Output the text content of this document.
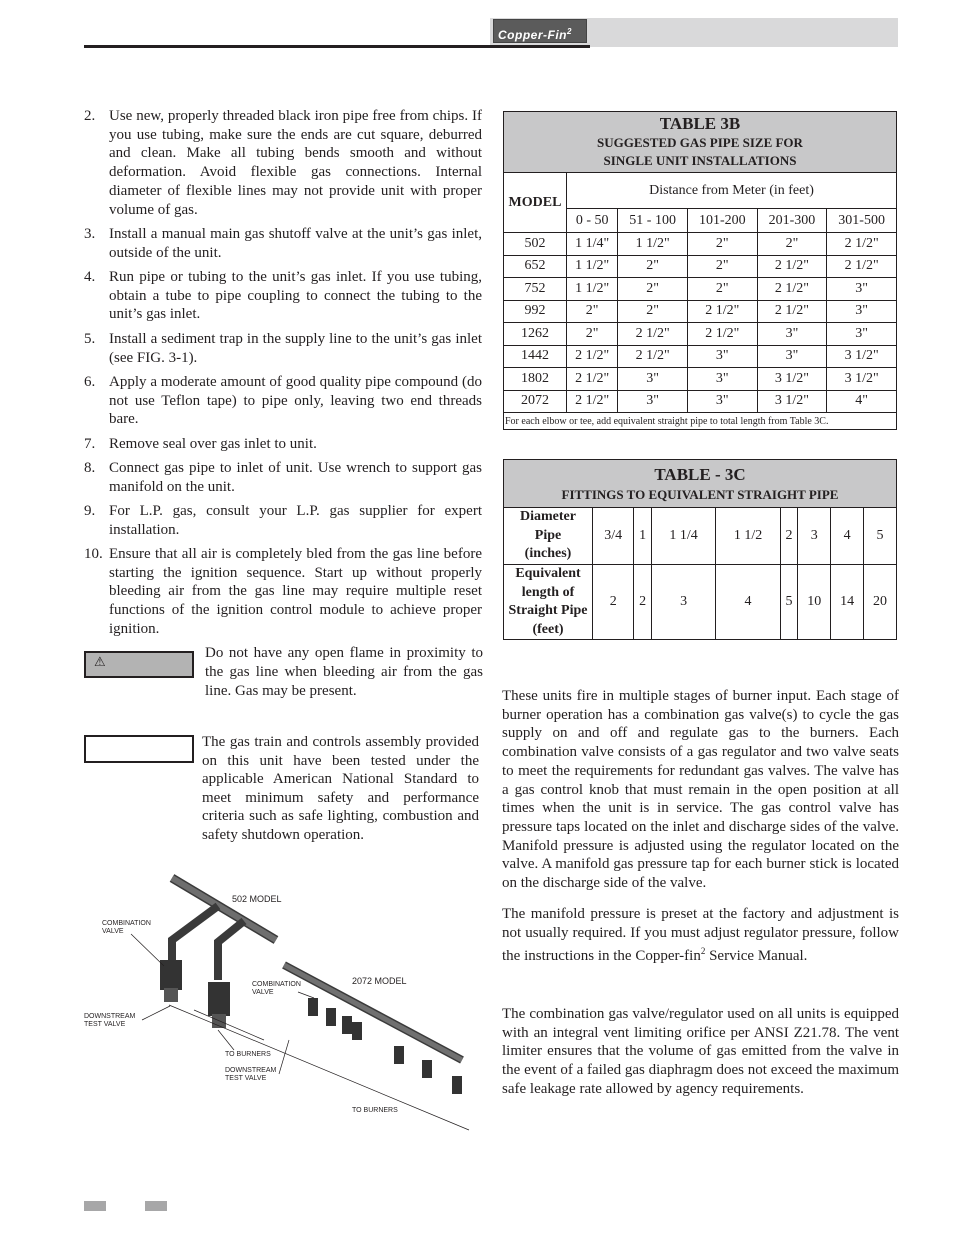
Copper-Fin$^2$
2. Use new, properly threaded black iron pipe free from chips. If you use tubing, make sure the ends are cut square, deburred and clean. Make all tubing bends smooth and without deformation. Avoid flexible gas connections. Internal diameter of flexible lines may not provide unit with proper volume of gas.
3. Install a manual main gas shutoff valve at the unit’s gas inlet, outside of the unit.
4. Run pipe or tubing to the unit’s gas inlet. If you use tubing, obtain a tube to pipe coupling to connect the tubing to the unit’s gas inlet.
5. Install a sediment trap in the supply line to the unit’s gas inlet (see FIG. 3-1).
6. Apply a moderate amount of good quality pipe compound (do not use Teflon tape) to pipe only, leaving two end threads bare.
7. Remove seal over gas inlet to unit.
8. Connect gas pipe to inlet of unit. Use wrench to support gas manifold on the unit.
9. For L.P. gas, consult your L.P. gas supplier for expert installation.
10. Ensure that all air is completely bled from the gas line before starting the ignition sequence. Start up without properly bleeding air from the gas line may require multiple reset functions of the ignition control module to achieve proper ignition.
⚠
Do not have any open flame in proximity to the gas line when bleeding air from the gas line. Gas may be present.
The gas train and controls assembly provided on this unit have been tested under the applicable American National Standard to meet minimum safety and performance criteria such as safe lighting, combustion and safety shutdown operation.
TABLE 3B
SUGGESTED GAS PIPE SIZE FOR
SINGLE UNIT INSTALLATIONS					

MODEL	Distance from Meter (in feet)				
	0 - 50	51 - 100	101-200	201-300	301-500
502	1 1/4"	1 1/2"	2"	2"	2 1/2"
652	1 1/2"	2"	2"	2 1/2"	2 1/2"
752	1 1/2"	2"	2"	2 1/2"	3"
992	2"	2"	2 1/2"	2 1/2"	3"
1262	2"	2 1/2"	2 1/2"	3"	3"
1442	2 1/2"	2 1/2"	3"	3"	3 1/2"
1802	2 1/2"	3"	3"	3 1/2"	3 1/2"
2072	2 1/2"	3"	3"	3 1/2"	4"
For each elbow or tee, add equivalent straight pipe to total length from Table 3C.					
TABLE - 3C
FITTINGS TO EQUIVALENT STRAIGHT PIPE								

Diameter
Pipe
(inches)	3/4	1	1 1/4	1 1/2	2	3	4	5

Equivalent
length of
Straight Pipe
(feet)	2	2	3	4	5	10	14	20
These units fire in multiple stages of burner input. Each stage of burner operation has a combination gas valve(s) to cycle the gas supply on and off and regulate gas to the burners. Each combination valve consists of a gas regulator and two valve seats to meet the requirements for redundant gas valves. The valve has a gas control knob that must remain in the open position at all times when the unit is in service. The gas control valve has pressure taps located on the inlet and discharge sides of the valve. Manifold pressure is adjusted using the regulator located on the valve. A manifold gas pressure tap for each burner stick is located on the discharge side of the valve.
The manifold pressure is preset at the factory and adjustment is not usually required. If you must adjust regulator pressure, follow the instructions in the Copper-fin$^2$ Service Manual.
The combination gas valve/regulator used on all units is equipped with an integral vent limiting orifice per ANSI Z21.78. The vent limiter ensures that the volume of gas emitted from the valve in the event of a failed gas diaphragm does not exceed the maximum safe leakage rate allowed by agency requirements.
502 MODEL
2072 MODEL
COMBINATION
VALVE
COMBINATION
VALVE
DOWNSTREAM
TEST VALVE
TO BURNERS
DOWNSTREAM
TEST VALVE
TO BURNERS
